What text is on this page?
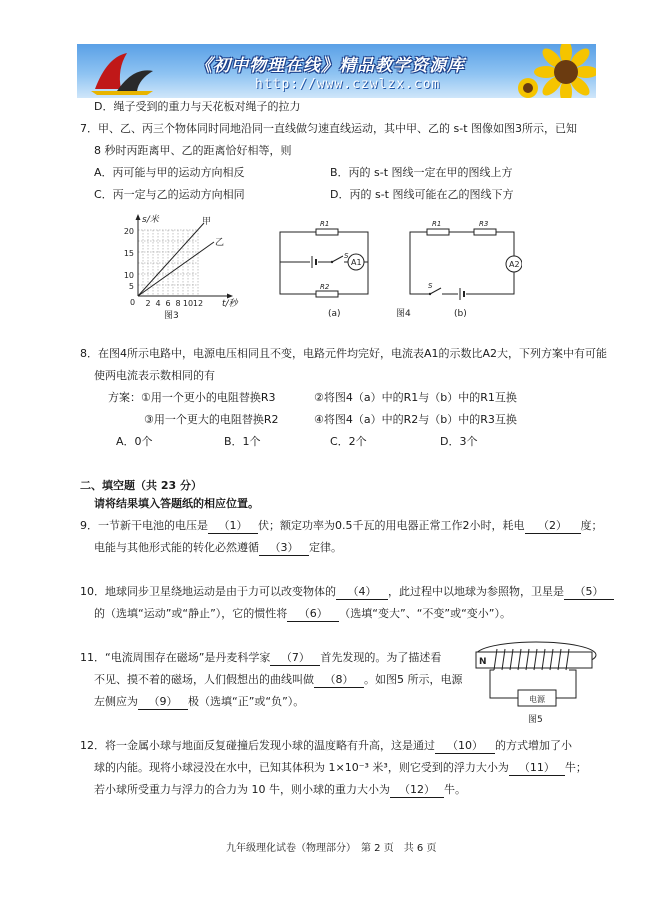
《初中物理在线》精品教学资源库
http://www.czwlzx.com
D．绳子受到的重力与天花板对绳子的拉力
7．甲、乙、丙三个物体同时同地沿同一直线做匀速直线运动，其中甲、乙的 s-t 图像如图3所示，已知
8 秒时丙距离甲、乙的距离恰好相等，则
A．丙可能与甲的运动方向相反	B．丙的 s-t 图线一定在甲的图线上方
C．丙一定与乙的运动方向相同	D．丙的 s-t 图线可能在乙的图线下方
s/米
t/秒
甲
乙
20
15
10
5
0 2 4 6 8 10 12
图3
A1
R1
R2
S
(a)	图4
A2
R1	R3
S
(b)
8．在图4所示电路中，电源电压相同且不变，电路元件均完好，电流表A1的示数比A2大，下列方案中有可能
使两电流表示数相同的有
方案：①用一个更小的电阻替换R3	②将图4（a）中的R1与（b）中的R1互换
③用一个更大的电阻替换R2	④将图4（a）中的R2与（b）中的R3互换
A．0个	B．1个	C．2个	D．3个
二、填空题（共 23 分）
请将结果填入答题纸的相应位置。
9．一节新干电池的电压是 （1） 伏；额定功率为0.5千瓦的用电器正常工作2小时，耗电 （2） 度；
电能与其他形式能的转化必然遵循 （3） 定律。
10．地球同步卫星绕地运动是由于力可以改变物体的 （4） ，此过程中以地球为参照物，卫星是 （5）
的（选填“运动”或“静止”），它的惯性将 （6） （选填“变大”、“不变”或“变小”）。
11．“电流周围存在磁场”是丹麦科学家 （7） 首先发现的。为了描述看
不见、摸不着的磁场，人们假想出的曲线叫做 （8） 。如图5 所示，电源
左侧应为 （9） 极（选填“正”或“负”）。
N
电源
图5
12．将一金属小球与地面反复碰撞后发现小球的温度略有升高，这是通过 （10） 的方式增加了小
球的内能。现将小球浸没在水中，已知其体积为 1×10⁻³ 米³，则它受到的浮力大小为 （11） 牛；
若小球所受重力与浮力的合力为 10 牛，则小球的重力大小为 （12） 牛。
九年级理化试卷（物理部分）　第 2 页　共 6 页
